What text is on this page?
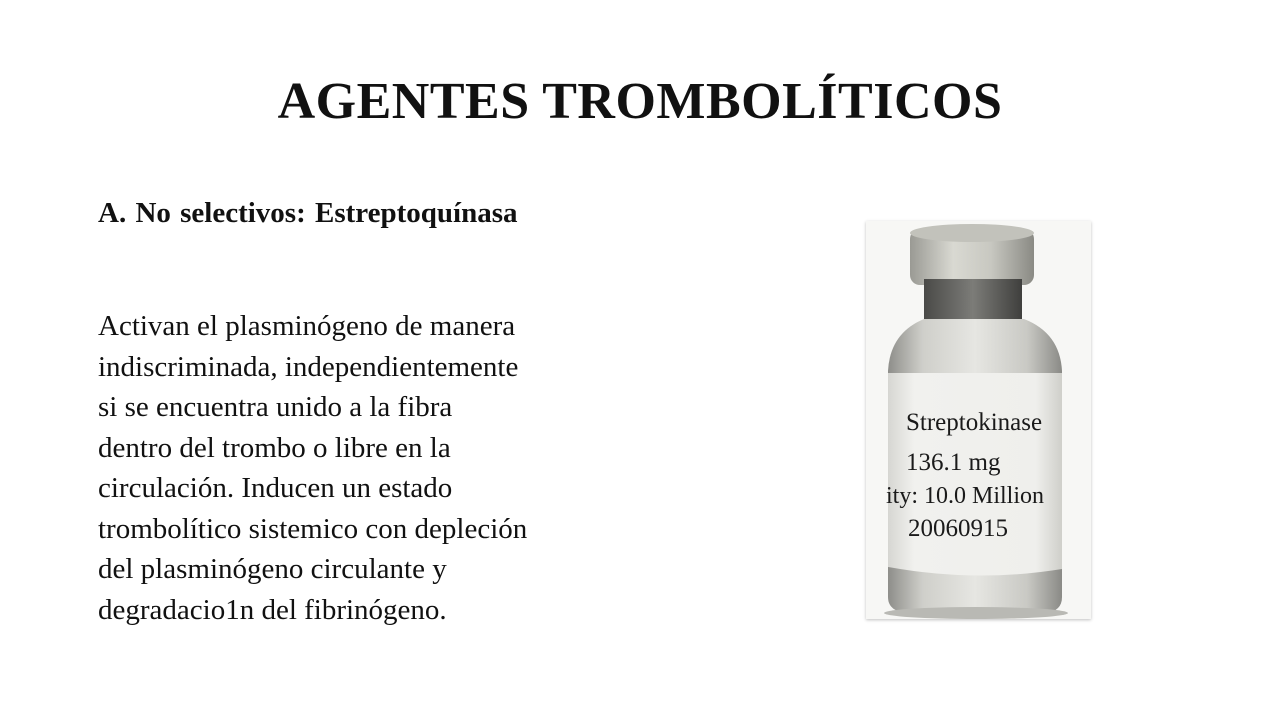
AGENTES TROMBOLÍTICOS

A. No selectivos: Estreptoquínasa

Activan el plasminógeno de manera
indiscriminada, independientemente
si se encuentra unido a la fibra
dentro del trombo o libre en la
circulación. Inducen un estado
trombolítico sistemico con depleción
del plasminógeno circulante y
degradacio1n del fibrinógeno.

Streptokinase
136.1 mg
ity: 10.0 Million
20060915
